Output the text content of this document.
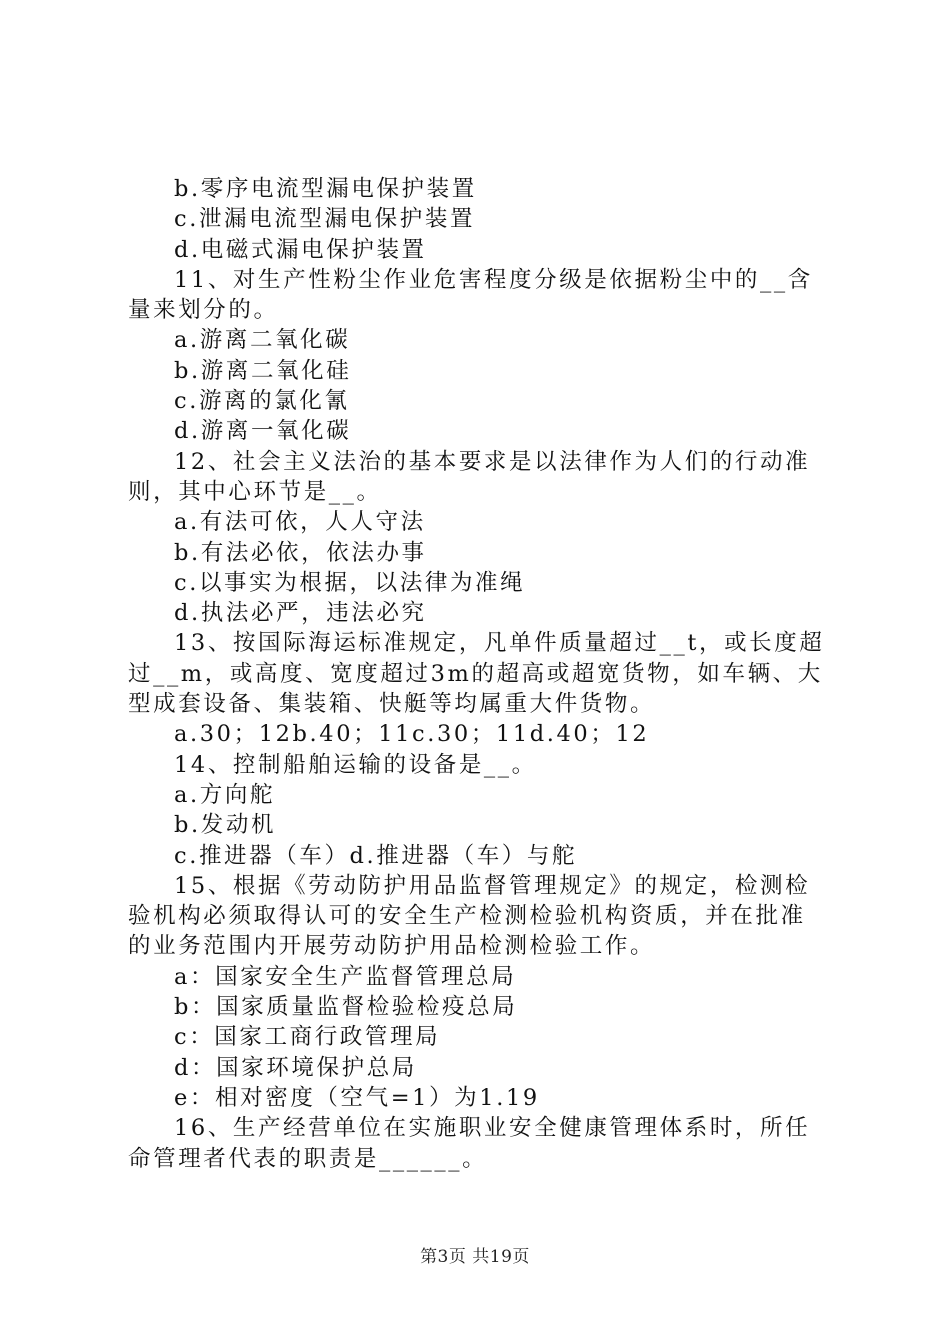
b.零序电流型漏电保护装置
c.泄漏电流型漏电保护装置
d.电磁式漏电保护装置
11、对生产性粉尘作业危害程度分级是依据粉尘中的__含
量来划分的。
a.游离二氧化碳
b.游离二氧化硅
c.游离的氯化氰
d.游离一氧化碳
12、社会主义法治的基本要求是以法律作为人们的行动准
则，其中心环节是__。
a.有法可依，人人守法
b.有法必依，依法办事
c.以事实为根据，以法律为准绳
d.执法必严，违法必究
13、按国际海运标准规定，凡单件质量超过__t，或长度超
过__m，或高度、宽度超过3m的超高或超宽货物，如车辆、大
型成套设备、集装箱、快艇等均属重大件货物。
a.30；12b.40；11c.30；11d.40；12
14、控制船舶运输的设备是__。
a.方向舵
b.发动机
c.推进器（车）d.推进器（车）与舵
15、根据《劳动防护用品监督管理规定》的规定，检测检
验机构必须取得认可的安全生产检测检验机构资质，并在批准
的业务范围内开展劳动防护用品检测检验工作。
a：国家安全生产监督管理总局
b：国家质量监督检验检疫总局
c：国家工商行政管理局
d：国家环境保护总局
e：相对密度（空气=1）为1.19
16、生产经营单位在实施职业安全健康管理体系时，所任
命管理者代表的职责是______。
第3页 共19页
